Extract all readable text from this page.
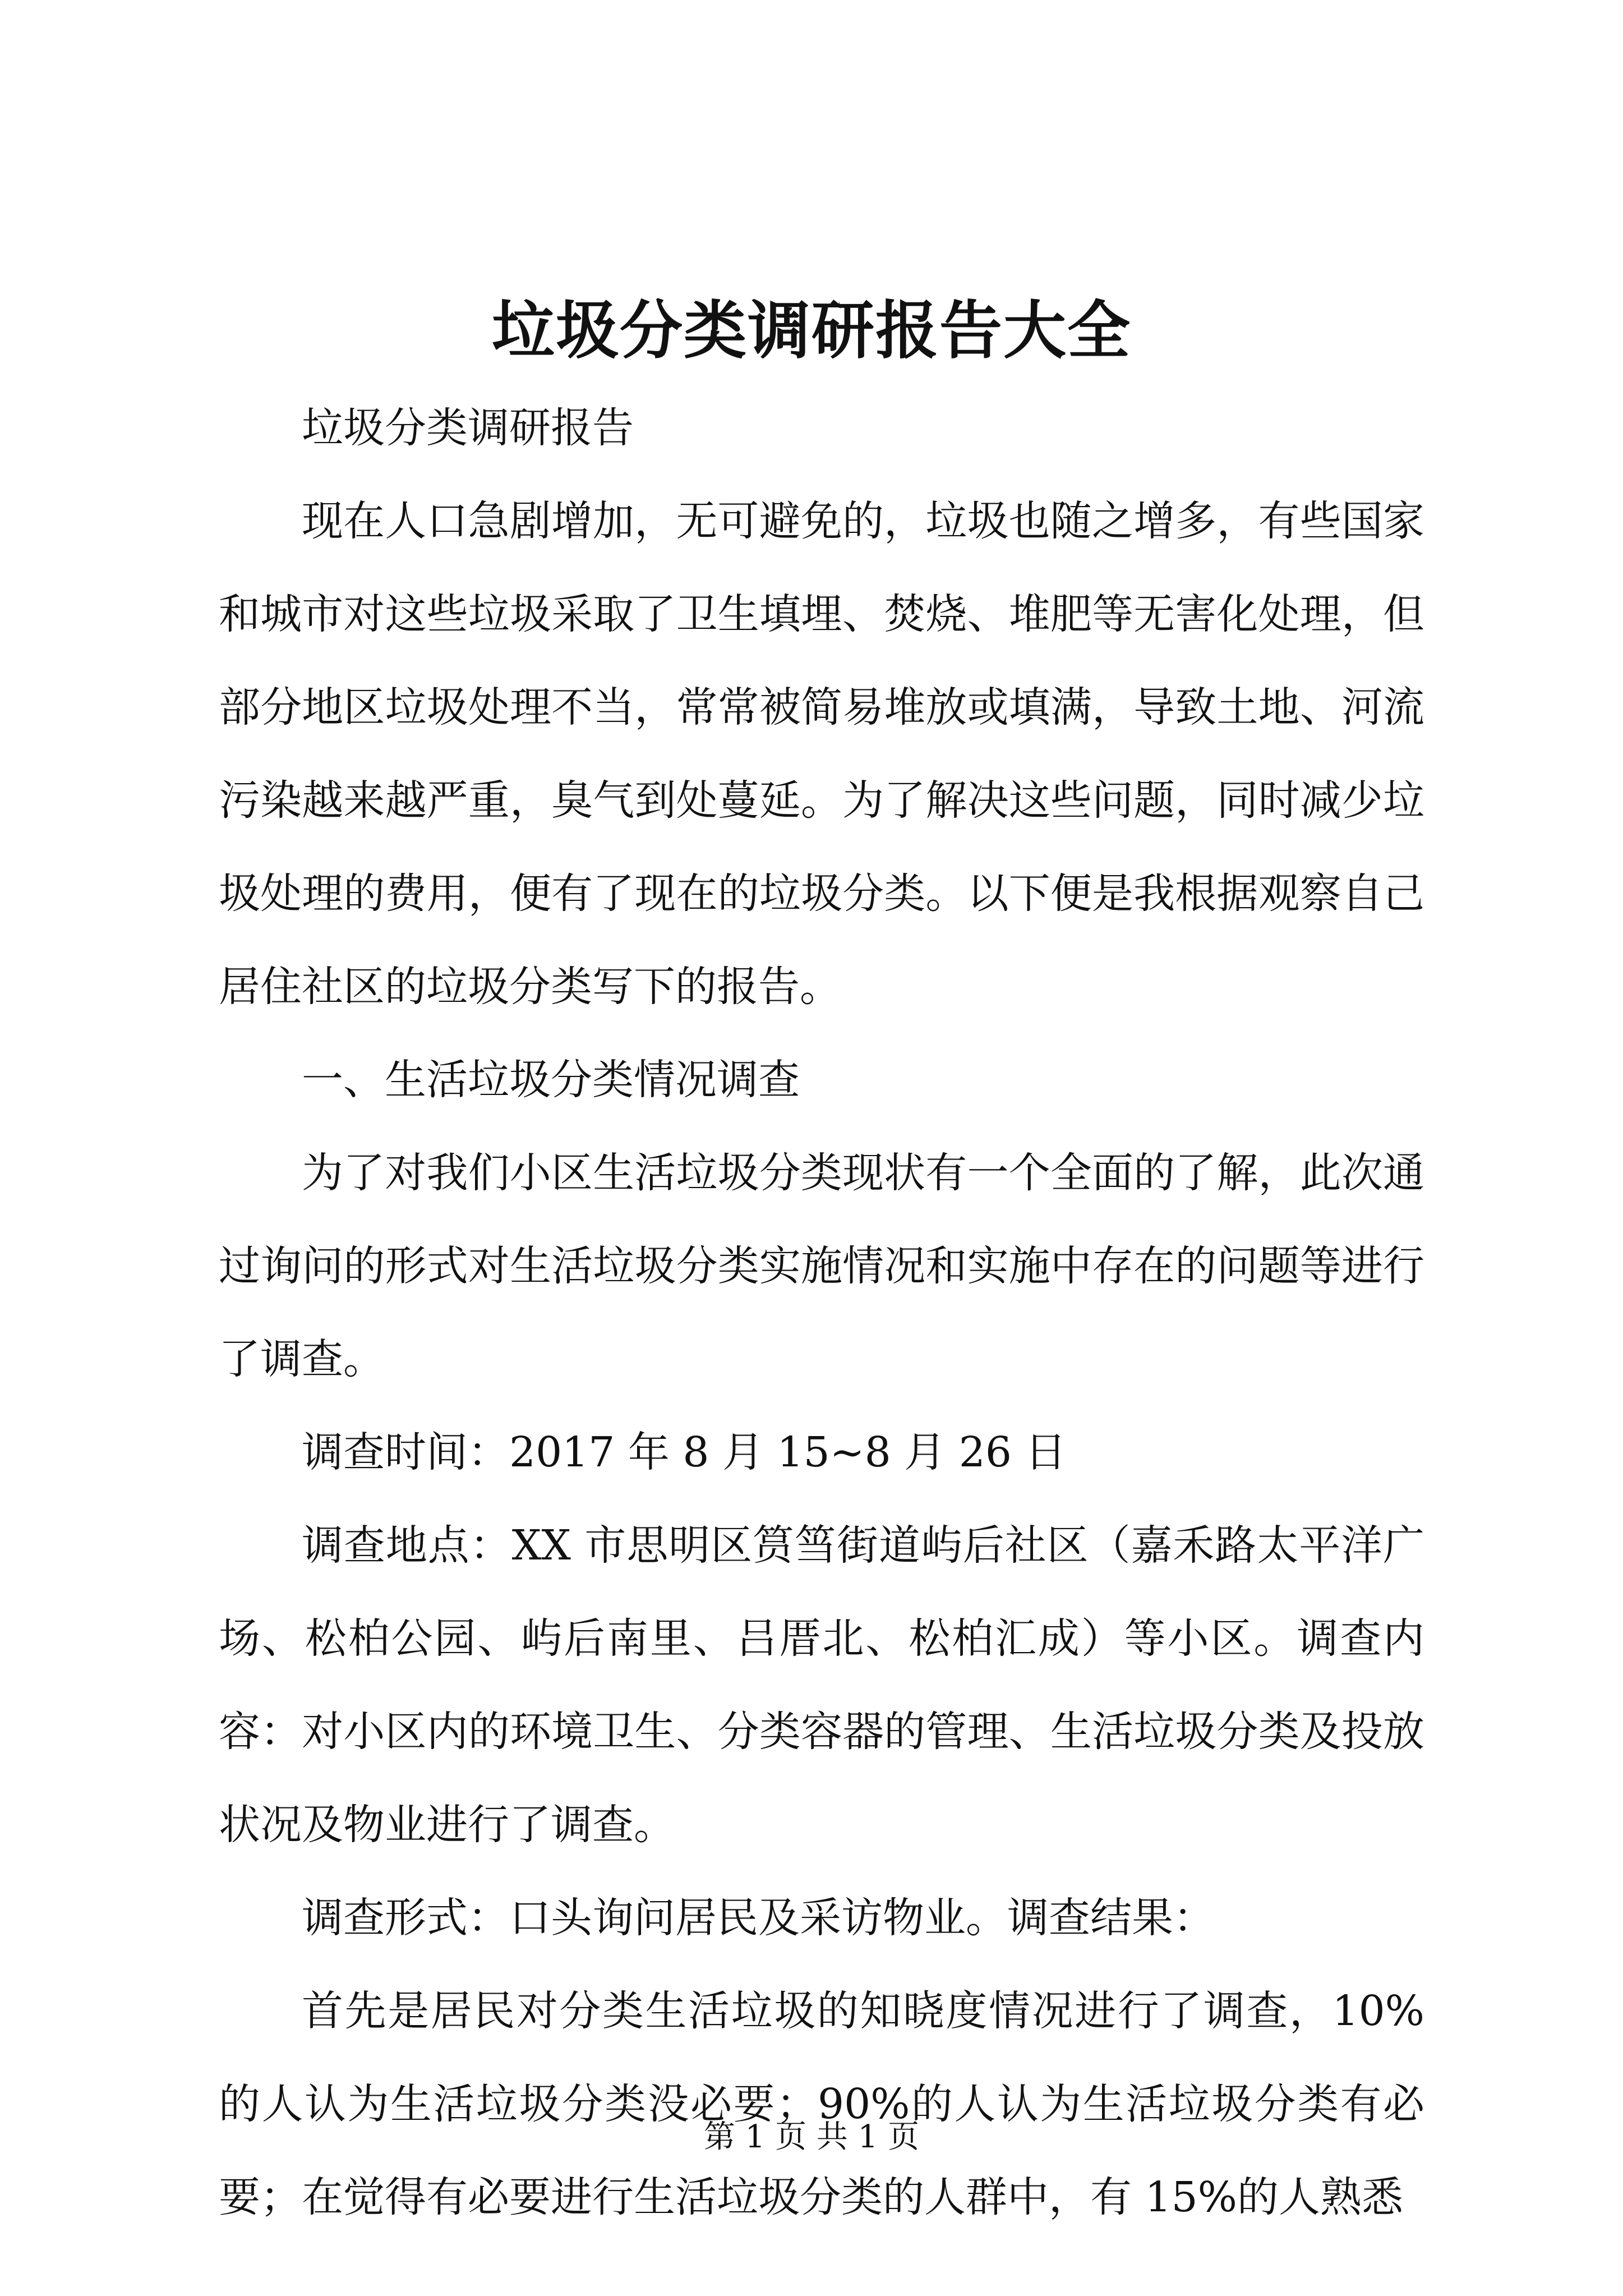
垃圾分类调研报告大全

垃圾分类调研报告

现在人口急剧增加，无可避免的，垃圾也随之增多，有些国家和城市对这些垃圾采取了卫生填埋、焚烧、堆肥等无害化处理，但部分地区垃圾处理不当，常常被简易堆放或填满，导致土地、河流污染越来越严重，臭气到处蔓延。为了解决这些问题，同时减少垃圾处理的费用，便有了现在的垃圾分类。以下便是我根据观察自己居住社区的垃圾分类写下的报告。

一、生活垃圾分类情况调查

为了对我们小区生活垃圾分类现状有一个全面的了解，此次通过询问的形式对生活垃圾分类实施情况和实施中存在的问题等进行了调查。

调查时间：2017 年 8 月 15~8 月 26 日

调查地点：XX 市思明区筼筜街道屿后社区（嘉禾路太平洋广场、松柏公园、屿后南里、吕厝北、松柏汇成）等小区。调查内容：对小区内的环境卫生、分类容器的管理、生活垃圾分类及投放状况及物业进行了调查。

调查形式：口头询问居民及采访物业。调查结果：

首先是居民对分类生活垃圾的知晓度情况进行了调查，10%的人认为生活垃圾分类没必要；90%的人认为生活垃圾分类有必要；在觉得有必要进行生活垃圾分类的人群中，有 15%的人熟悉

第 1 页 共 1 页
